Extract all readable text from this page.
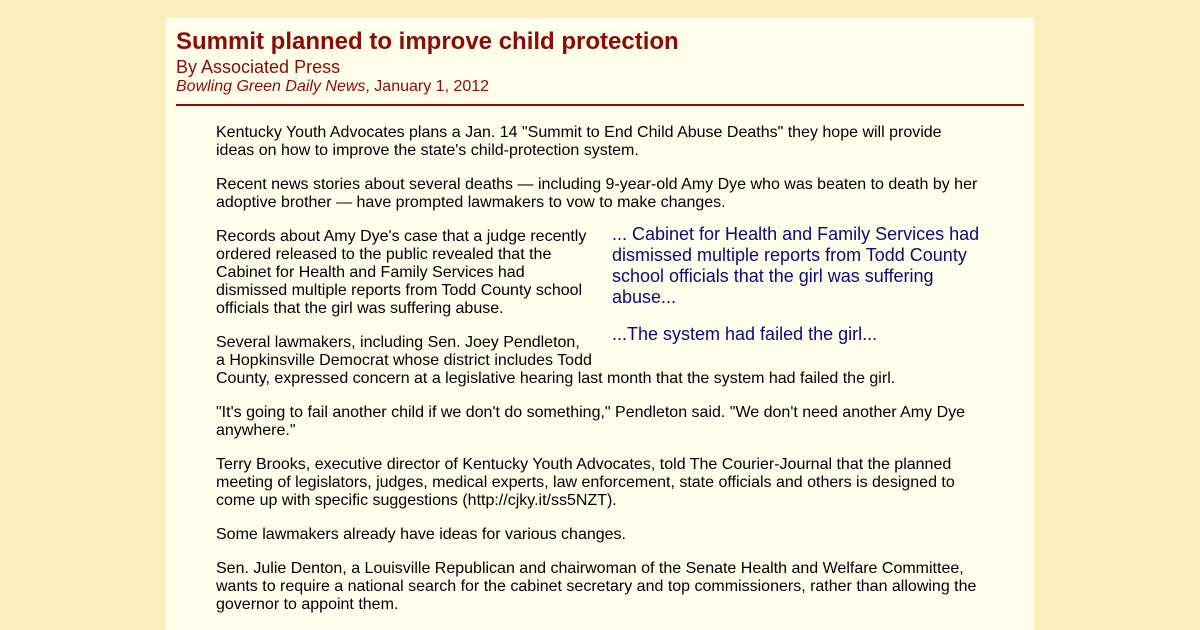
Summit planned to improve child protection
By Associated Press
Bowling Green Daily News, January 1, 2012

Kentucky Youth Advocates plans a Jan. 14 "Summit to End Child Abuse Deaths" they hope will provide ideas on how to improve the state's child-protection system.

Recent news stories about several deaths — including 9-year-old Amy Dye who was beaten to death by her adoptive brother — have prompted lawmakers to vow to make changes.

... Cabinet for Health and Family Services had dismissed multiple reports from Todd County school officials that the girl was suffering abuse...
...The system had failed the girl...

Records about Amy Dye's case that a judge recently ordered released to the public revealed that the Cabinet for Health and Family Services had dismissed multiple reports from Todd County school officials that the girl was suffering abuse.

Several lawmakers, including Sen. Joey Pendleton, a Hopkinsville Democrat whose district includes Todd County, expressed concern at a legislative hearing last month that the system had failed the girl.

"It's going to fail another child if we don't do something," Pendleton said. "We don't need another Amy Dye anywhere."

Terry Brooks, executive director of Kentucky Youth Advocates, told The Courier-Journal that the planned meeting of legislators, judges, medical experts, law enforcement, state officials and others is designed to come up with specific suggestions (http://cjky.it/ss5NZT).

Some lawmakers already have ideas for various changes.

Sen. Julie Denton, a Louisville Republican and chairwoman of the Senate Health and Welfare Committee, wants to require a national search for the cabinet secretary and top commissioners, rather than allowing the governor to appoint them.
